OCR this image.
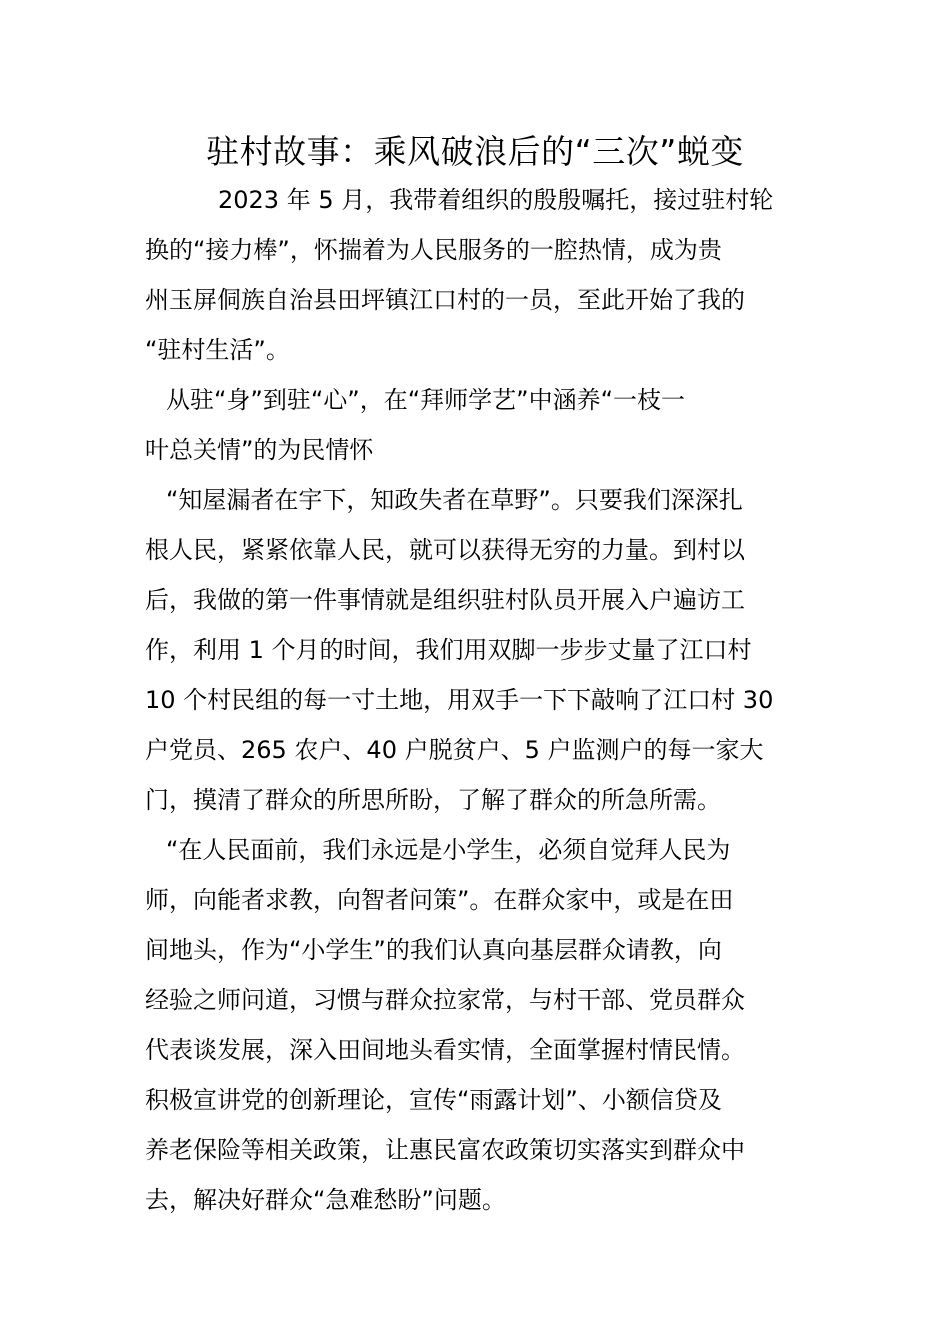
驻村故事：乘风破浪后的“三次”蜕变
2023 年 5 月，我带着组织的殷殷嘱托，接过驻村轮
换的“接力棒”，怀揣着为人民服务的一腔热情，成为贵
州玉屏侗族自治县田坪镇江口村的一员，至此开始了我的
“驻村生活”。
从驻“身”到驻“心”，在“拜师学艺”中涵养“一枝一
叶总关情”的为民情怀
“知屋漏者在宇下，知政失者在草野”。只要我们深深扎
根人民，紧紧依靠人民，就可以获得无穷的力量。到村以
后，我做的第一件事情就是组织驻村队员开展入户遍访工
作，利用 1 个月的时间，我们用双脚一步步丈量了江口村
10 个村民组的每一寸土地，用双手一下下敲响了江口村 30
户党员、265 农户、40 户脱贫户、5 户监测户的每一家大
门，摸清了群众的所思所盼，了解了群众的所急所需。
“在人民面前，我们永远是小学生，必须自觉拜人民为
师，向能者求教，向智者问策”。在群众家中，或是在田
间地头，作为“小学生”的我们认真向基层群众请教，向
经验之师问道，习惯与群众拉家常，与村干部、党员群众
代表谈发展，深入田间地头看实情，全面掌握村情民情。
积极宣讲党的创新理论，宣传“雨露计划”、小额信贷及
养老保险等相关政策，让惠民富农政策切实落实到群众中
去，解决好群众“急难愁盼”问题。
